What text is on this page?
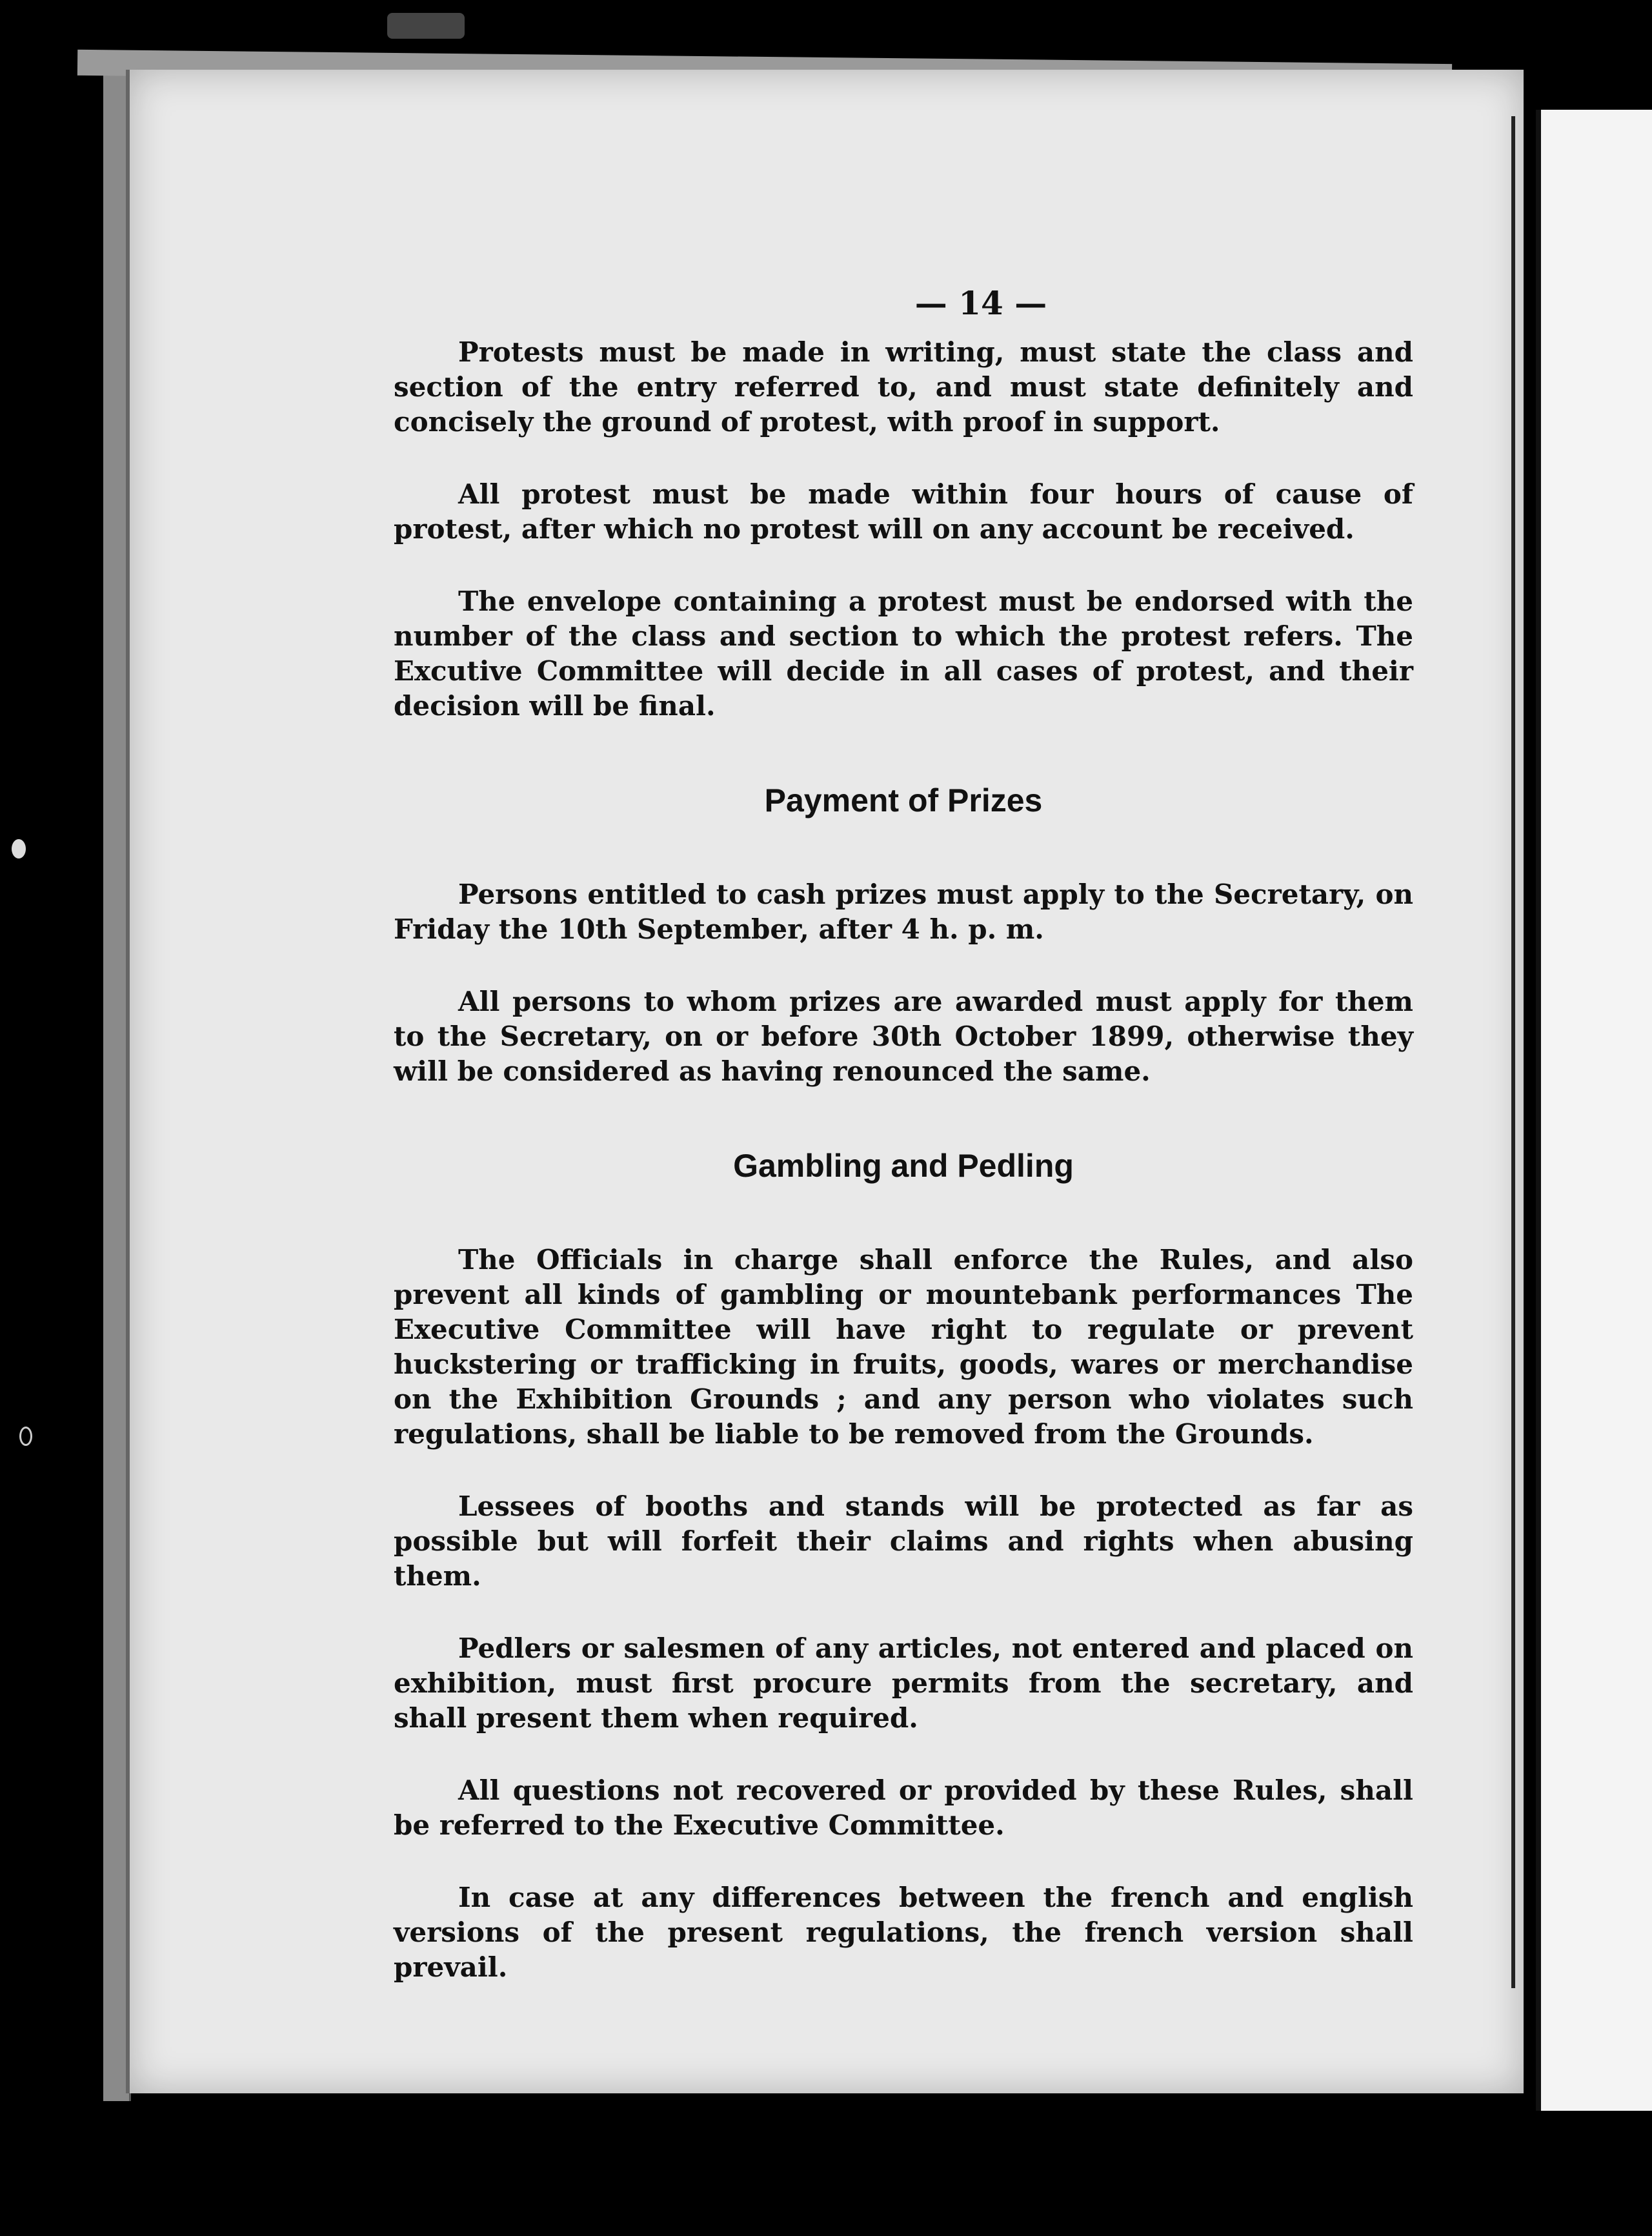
— 14 —

Protests must be made in writing, must state the class and section of the entry referred to, and must state definitely and concisely the ground of protest, with proof in support.

All protest must be made within four hours of cause of protest, after which no protest will on any account be received.

The envelope containing a protest must be endorsed with the number of the class and section to which the protest refers. The Excutive Committee will decide in all cases of protest, and their decision will be final.

Payment of Prizes

Persons entitled to cash prizes must apply to the Secretary, on Friday the 10th September, after 4 h. p. m.

All persons to whom prizes are awarded must apply for them to the Secretary, on or before 30th October 1899, otherwise they will be considered as having renounced the same.

Gambling and Pedling

The Officials in charge shall enforce the Rules, and also prevent all kinds of gambling or mountebank performances The Executive Committee will have right to regulate or prevent huckstering or trafficking in fruits, goods, wares or merchandise on the Exhibition Grounds ; and any person who violates such regulations, shall be liable to be removed from the Grounds.

Lessees of booths and stands will be protected as far as possible but will forfeit their claims and rights when abusing them.

Pedlers or salesmen of any articles, not entered and placed on exhibition, must first procure permits from the secretary, and shall present them when required.

All questions not recovered or provided by these Rules, shall be referred to the Executive Committee.

In case at any differences between the french and english versions of the present regulations, the french version shall prevail.
